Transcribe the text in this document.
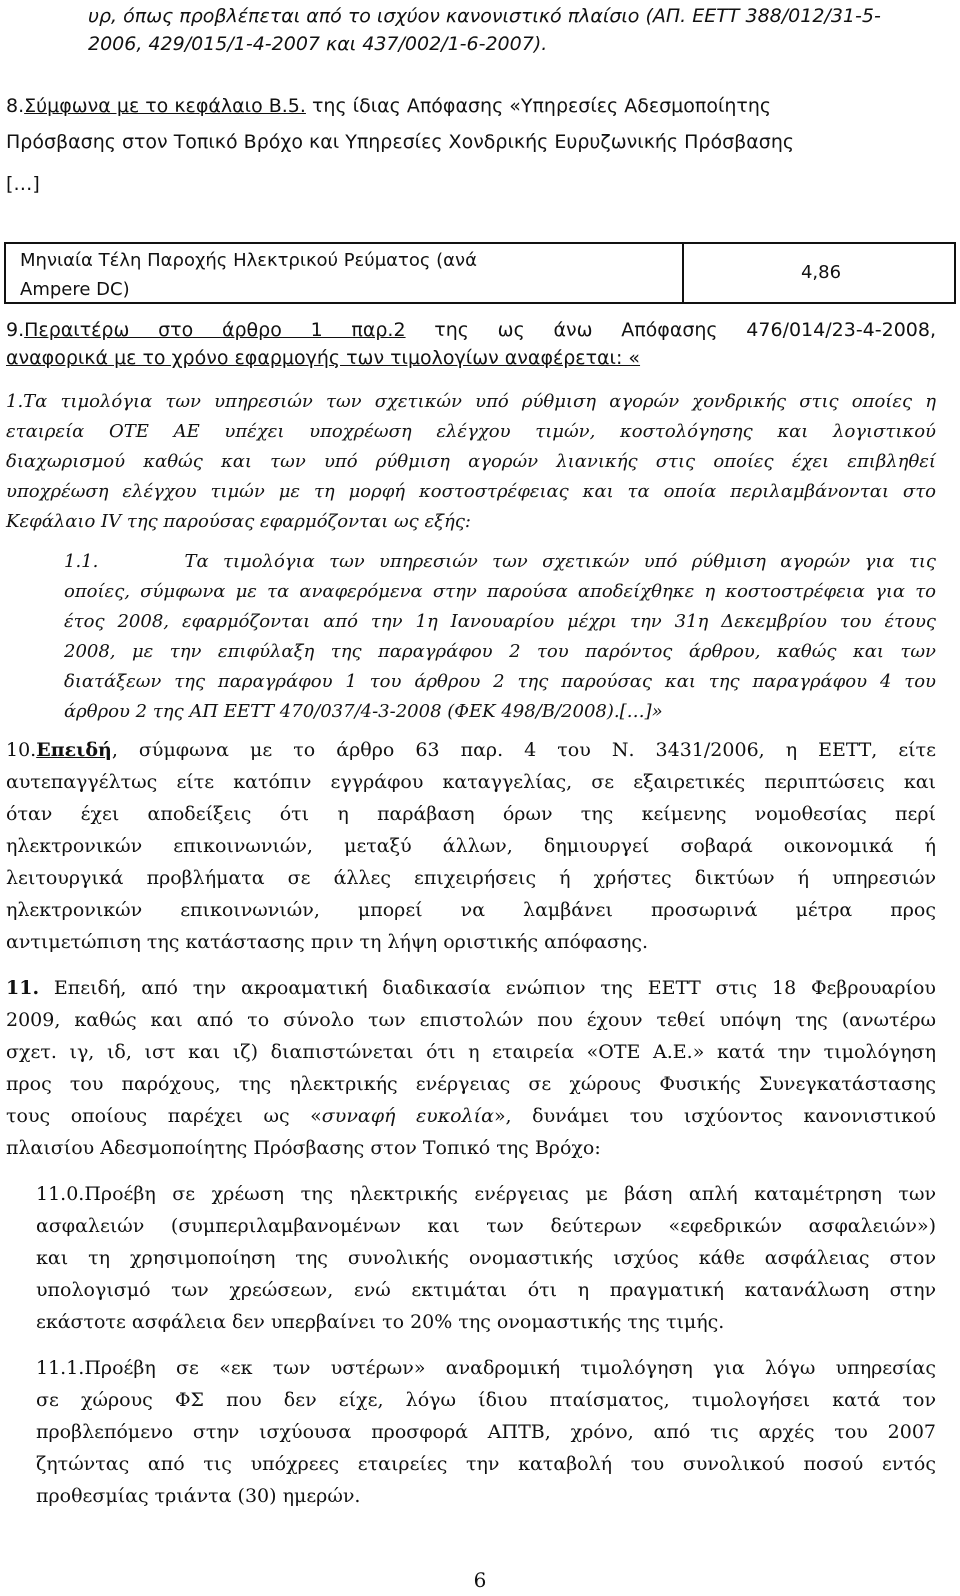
υρ, όπως προβλέπεται από το ισχύον κανονιστικό πλαίσιο (ΑΠ. ΕΕΤΤ 388/012/31-5-
2006, 429/015/1-4-2007 και 437/002/1-6-2007).
8.Σύμφωνα με το κεφάλαιο Β.5. της ίδιας Απόφασης «Υπηρεσίες Αδεσμοποίητης
Πρόσβασης στον Τοπικό Βρόχο και Υπηρεσίες Χονδρικής Ευρυζωνικής Πρόσβασης
[…]
Μηνιαία Τέλη Παροχής Ηλεκτρικού Ρεύματος (ανά
Ampere DC)
4,86
9.Περαιτέρω στο άρθρο 1 παρ.2 της ως άνω Απόφασης 476/014/23-4-2008,
αναφορικά με το χρόνο εφαρμογής των τιμολογίων αναφέρεται: «
1.Τα τιμολόγια των υπηρεσιών των σχετικών υπό ρύθμιση αγορών χονδρικής στις οποίες η
εταιρεία ΟΤΕ ΑΕ υπέχει υποχρέωση ελέγχου τιμών, κοστολόγησης και λογιστικού
διαχωρισμού καθώς και των υπό ρύθμιση αγορών λιανικής στις οποίες έχει επιβληθεί
υποχρέωση ελέγχου τιμών με τη μορφή κοστοστρέφειας και τα οποία περιλαμβάνονται στο
Κεφάλαιο IV της παρούσας εφαρμόζονται ως εξής:
1.1.      Τα τιμολόγια των υπηρεσιών των σχετικών υπό ρύθμιση αγορών για τις
οποίες, σύμφωνα με τα αναφερόμενα στην παρούσα αποδείχθηκε η κοστοστρέφεια για το
έτος 2008, εφαρμόζονται από την 1η Ιανουαρίου μέχρι την 31η Δεκεμβρίου του έτους
2008, με την επιφύλαξη της παραγράφου 2 του παρόντος άρθρου, καθώς και των
διατάξεων της παραγράφου 1 του άρθρου 2 της παρούσας και της παραγράφου 4 του
άρθρου 2 της ΑΠ ΕΕΤΤ 470/037/4-3-2008 (ΦΕΚ 498/Β/2008).[…]»
10.Επειδή, σύμφωνα με το άρθρο 63 παρ. 4 του Ν. 3431/2006, η ΕΕΤΤ, είτε
αυτεπαγγέλτως είτε κατόπιν εγγράφου καταγγελίας, σε εξαιρετικές περιπτώσεις και
όταν έχει αποδείξεις ότι η παράβαση όρων της κείμενης νομοθεσίας περί
ηλεκτρονικών επικοινωνιών, μεταξύ άλλων, δημιουργεί σοβαρά οικονομικά ή
λειτουργικά προβλήματα σε άλλες επιχειρήσεις ή χρήστες δικτύων ή υπηρεσιών
ηλεκτρονικών επικοινωνιών, μπορεί να λαμβάνει προσωρινά μέτρα προς
αντιμετώπιση της κατάστασης πριν τη λήψη οριστικής απόφασης.
11. Επειδή, από την ακροαματική διαδικασία ενώπιον της ΕΕΤΤ στις 18 Φεβρουαρίου
2009, καθώς και από το σύνολο των επιστολών που έχουν τεθεί υπόψη της (ανωτέρω
σχετ. ιγ, ιδ, ιστ και ιζ) διαπιστώνεται ότι η εταιρεία «ΟΤΕ Α.Ε.» κατά την τιμολόγηση
προς του παρόχους, της ηλεκτρικής ενέργειας σε χώρους Φυσικής Συνεγκατάστασης
τους οποίους παρέχει ως «συναφή ευκολία», δυνάμει του ισχύοντος κανονιστικού
πλαισίου Αδεσμοποίητης Πρόσβασης στον Τοπικό της Βρόχο:
11.0.Προέβη σε χρέωση της ηλεκτρικής ενέργειας με βάση απλή καταμέτρηση των
ασφαλειών (συμπεριλαμβανομένων και των δεύτερων «εφεδρικών ασφαλειών»)
και τη χρησιμοποίηση της συνολικής ονομαστικής ισχύος κάθε ασφάλειας στον
υπολογισμό των χρεώσεων, ενώ εκτιμάται ότι η πραγματική κατανάλωση στην
εκάστοτε ασφάλεια δεν υπερβαίνει το 20% της ονομαστικής της τιμής.
11.1.Προέβη σε «εκ των υστέρων» αναδρομική τιμολόγηση για λόγω υπηρεσίας
σε χώρους ΦΣ που δεν είχε, λόγω ίδιου πταίσματος, τιμολογήσει κατά τον
προβλεπόμενο στην ισχύουσα προσφορά ΑΠΤΒ, χρόνο, από τις αρχές του 2007
ζητώντας από τις υπόχρεες εταιρείες την καταβολή του συνολικού ποσού εντός
προθεσμίας τριάντα (30) ημερών.
6
